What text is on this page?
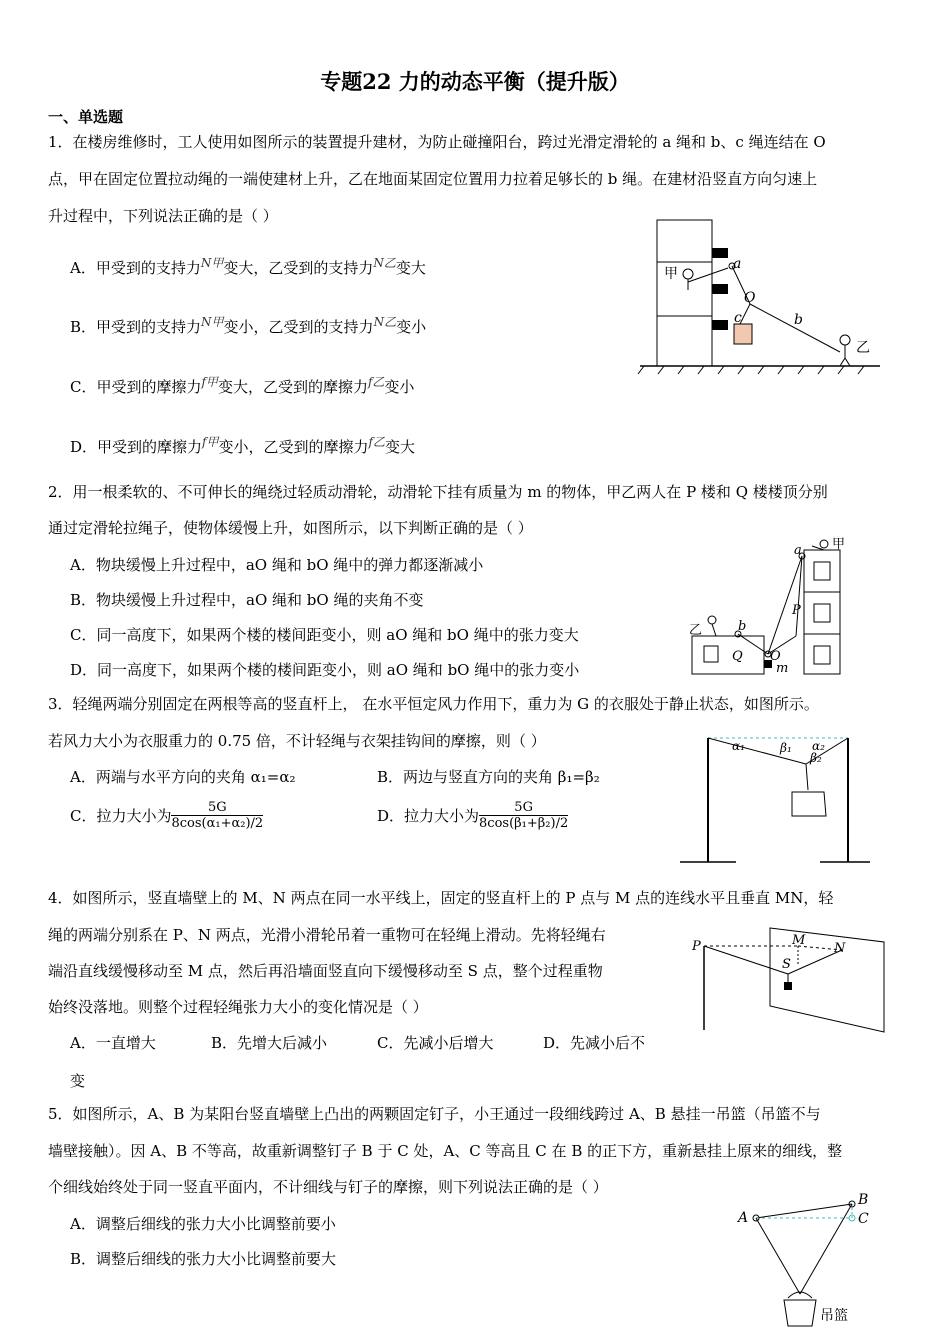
专题22 力的动态平衡（提升版）
一、单选题
1．在楼房维修时，工人使用如图所示的装置提升建材，为防止碰撞阳台，跨过光滑定滑轮的 a 绳和 b、c 绳连结在 O
点，甲在固定位置拉动绳的一端使建材上升，乙在地面某固定位置用力拉着足够长的 b 绳。在建材沿竖直方向匀速上
升过程中，下列说法正确的是（ ）
A．甲受到的支持力$^{N甲}$变大，乙受到的支持力$^{N乙}$变大
B．甲受到的支持力$^{N甲}$变小，乙受到的支持力$^{N乙}$变小
C．甲受到的摩擦力$^{f甲}$变大，乙受到的摩擦力$^{f乙}$变小
D．甲受到的摩擦力$^{f甲}$变小，乙受到的摩擦力$^{f乙}$变大
甲
乙
a
O
c	b
2．用一根柔软的、不可伸长的绳绕过轻质动滑轮，动滑轮下挂有质量为 m 的物体，甲乙两人在 P 楼和 Q 楼楼顶分别
通过定滑轮拉绳子，使物体缓慢上升，如图所示，以下判断正确的是（ ）
A．物块缓慢上升过程中，aO 绳和 bO 绳中的弹力都逐渐减小
B．物块缓慢上升过程中，aO 绳和 bO 绳的夹角不变
C．同一高度下，如果两个楼的楼间距变小，则 aO 绳和 bO 绳中的张力变大
D．同一高度下，如果两个楼的楼间距变小，则 aO 绳和 bO 绳中的张力变小
a 甲
乙	b
P
Q O
m
3．轻绳两端分别固定在两根等高的竖直杆上， 在水平恒定风力作用下，重力为 G 的衣服处于静止状态，如图所示。
若风力大小为衣服重力的 0.75 倍，不计轻绳与衣架挂钩间的摩擦，则（ ）
A．两端与水平方向的夹角 α₁=α₂	B．两边与竖直方向的夹角 β₁=β₂
C．拉力大小为 $\frac{5G}{\text{8cos(α₁+α₂)/2}}$	D．拉力大小为 $\frac{5G}{\text{8cos(β₁+β₂)/2}}$
α₁	α₂
β₁
β₂
4．如图所示，竖直墙壁上的 M、N 两点在同一水平线上，固定的竖直杆上的 P 点与 M 点的连线水平且垂直 MN，轻
绳的两端分别系在 P、N 两点，光滑小滑轮吊着一重物可在轻绳上滑动。先将轻绳右
端沿直线缓慢移动至 M 点，然后再沿墙面竖直向下缓慢移动至 S 点，整个过程重物
始终没落地。则整个过程轻绳张力大小的变化情况是（ ）
A．一直增大	B．先增大后减小	C．先减小后增大	D．先减小后不
变
P	M
N
S
5．如图所示，A、B 为某阳台竖直墙壁上凸出的两颗固定钉子，小王通过一段细线跨过 A、B 悬挂一吊篮（吊篮不与
墙壁接触）。因 A、B 不等高，故重新调整钉子 B 于 C 处，A、C 等高且 C 在 B 的正下方，重新悬挂上原来的细线，整
个细线始终处于同一竖直平面内，不计细线与钉子的摩擦，则下列说法正确的是（ ）
A．调整后细线的张力大小比调整前要小
B．调整后细线的张力大小比调整前要大
A
B
C
吊篮
